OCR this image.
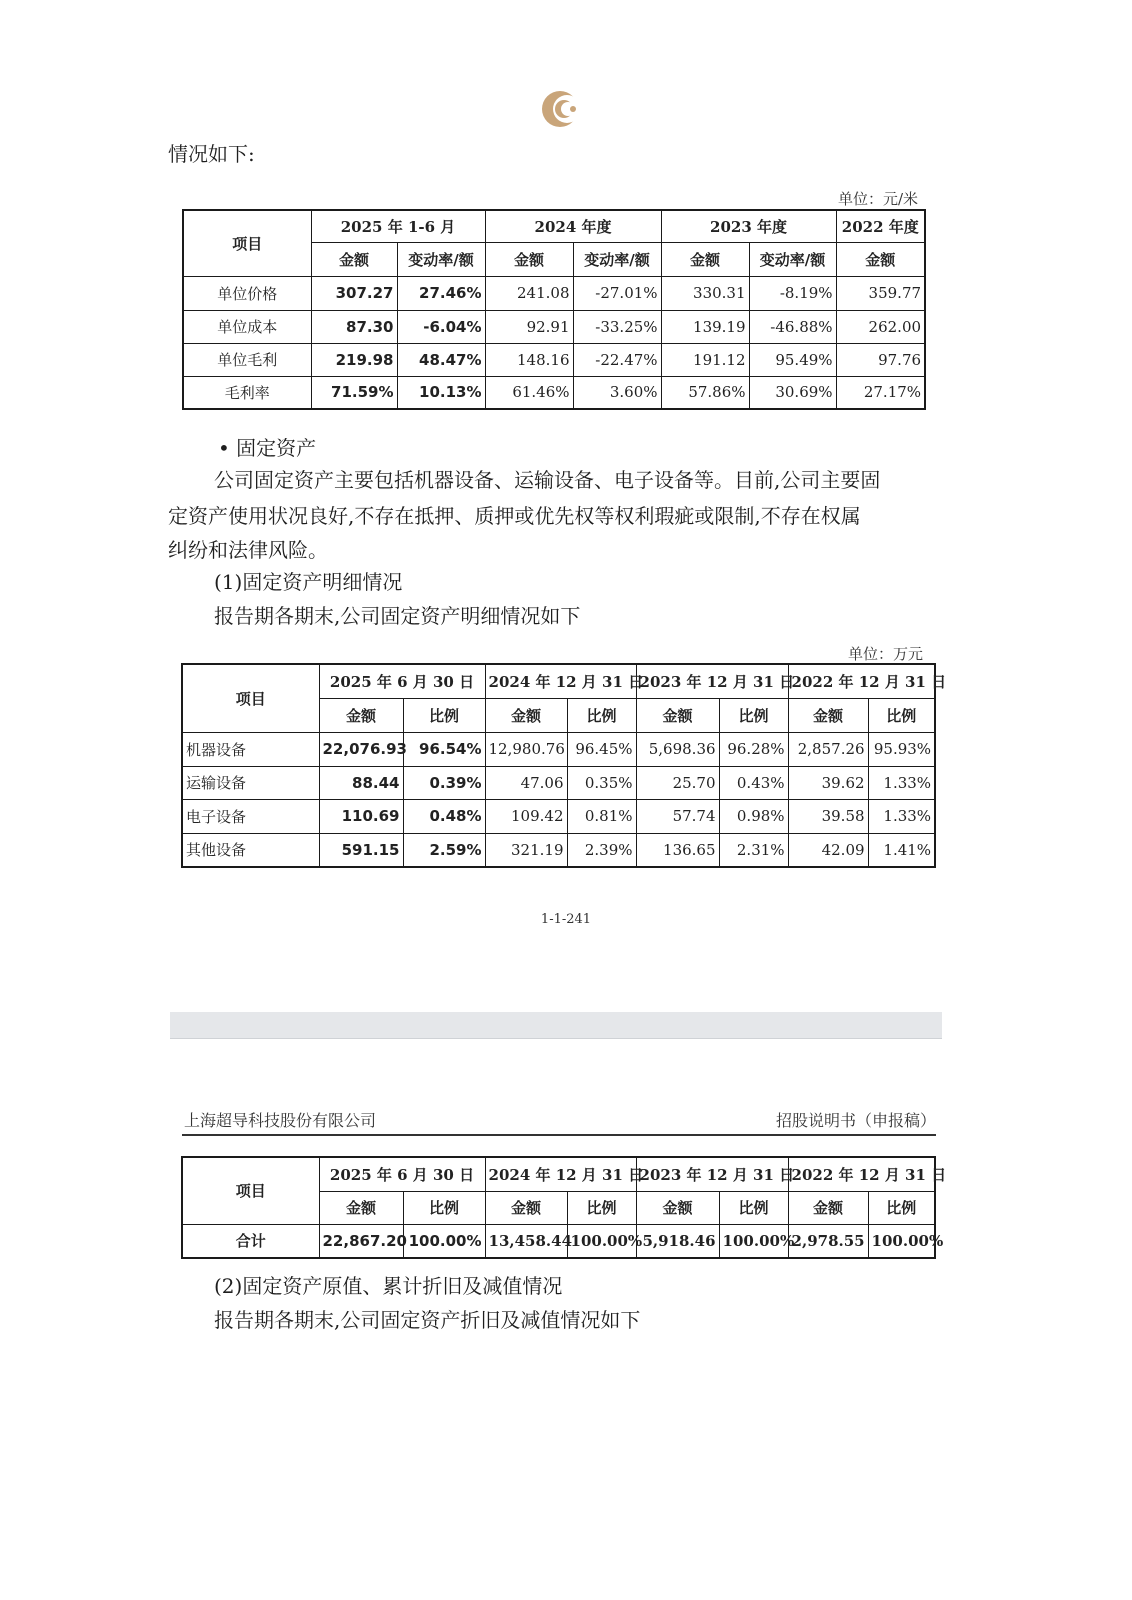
情况如下:
单位：元/米
项目	2025 年 1-6 月		2024 年度		2023 年度		2022 年度
	金额	变动率/额	金额	变动率/额	金额	变动率/额	金额
单位价格	307.27	27.46%	241.08	-27.01%	330.31	-8.19%	359.77
单位成本	87.30	-6.04%	92.91	-33.25%	139.19	-46.88%	262.00
单位毛利	219.98	48.47%	148.16	-22.47%	191.12	95.49%	97.76
毛利率	71.59%	10.13%	61.46%	3.60%	57.86%	30.69%	27.17%
• 固定资产
公司固定资产主要包括机器设备、运输设备、电子设备等。目前,公司主要固
定资产使用状况良好,不存在抵押、质押或优先权等权利瑕疵或限制,不存在权属
纠纷和法律风险。
(1)固定资产明细情况
报告期各期末,公司固定资产明细情况如下
单位：万元
项目	2025 年 6 月 30 日		2024 年 12 月 31 日		2023 年 12 月 31 日		2022 年 12 月 31 日	
	金额	比例	金额	比例	金额	比例	金额	比例
机器设备	22,076.93	96.54%	12,980.76	96.45%	5,698.36	96.28%	2,857.26	95.93%
运输设备	88.44	0.39%	47.06	0.35%	25.70	0.43%	39.62	1.33%
电子设备	110.69	0.48%	109.42	0.81%	57.74	0.98%	39.58	1.33%
其他设备	591.15	2.59%	321.19	2.39%	136.65	2.31%	42.09	1.41%
1-1-241
上海超导科技股份有限公司	招股说明书（申报稿）
项目	2025 年 6 月 30 日		2024 年 12 月 31 日		2023 年 12 月 31 日		2022 年 12 月 31 日	
	金额	比例	金额	比例	金额	比例	金额	比例
合计	22,867.20	100.00%	13,458.44	100.00%	5,918.46	100.00%	2,978.55	100.00%
(2)固定资产原值、累计折旧及减值情况
报告期各期末,公司固定资产折旧及减值情况如下
